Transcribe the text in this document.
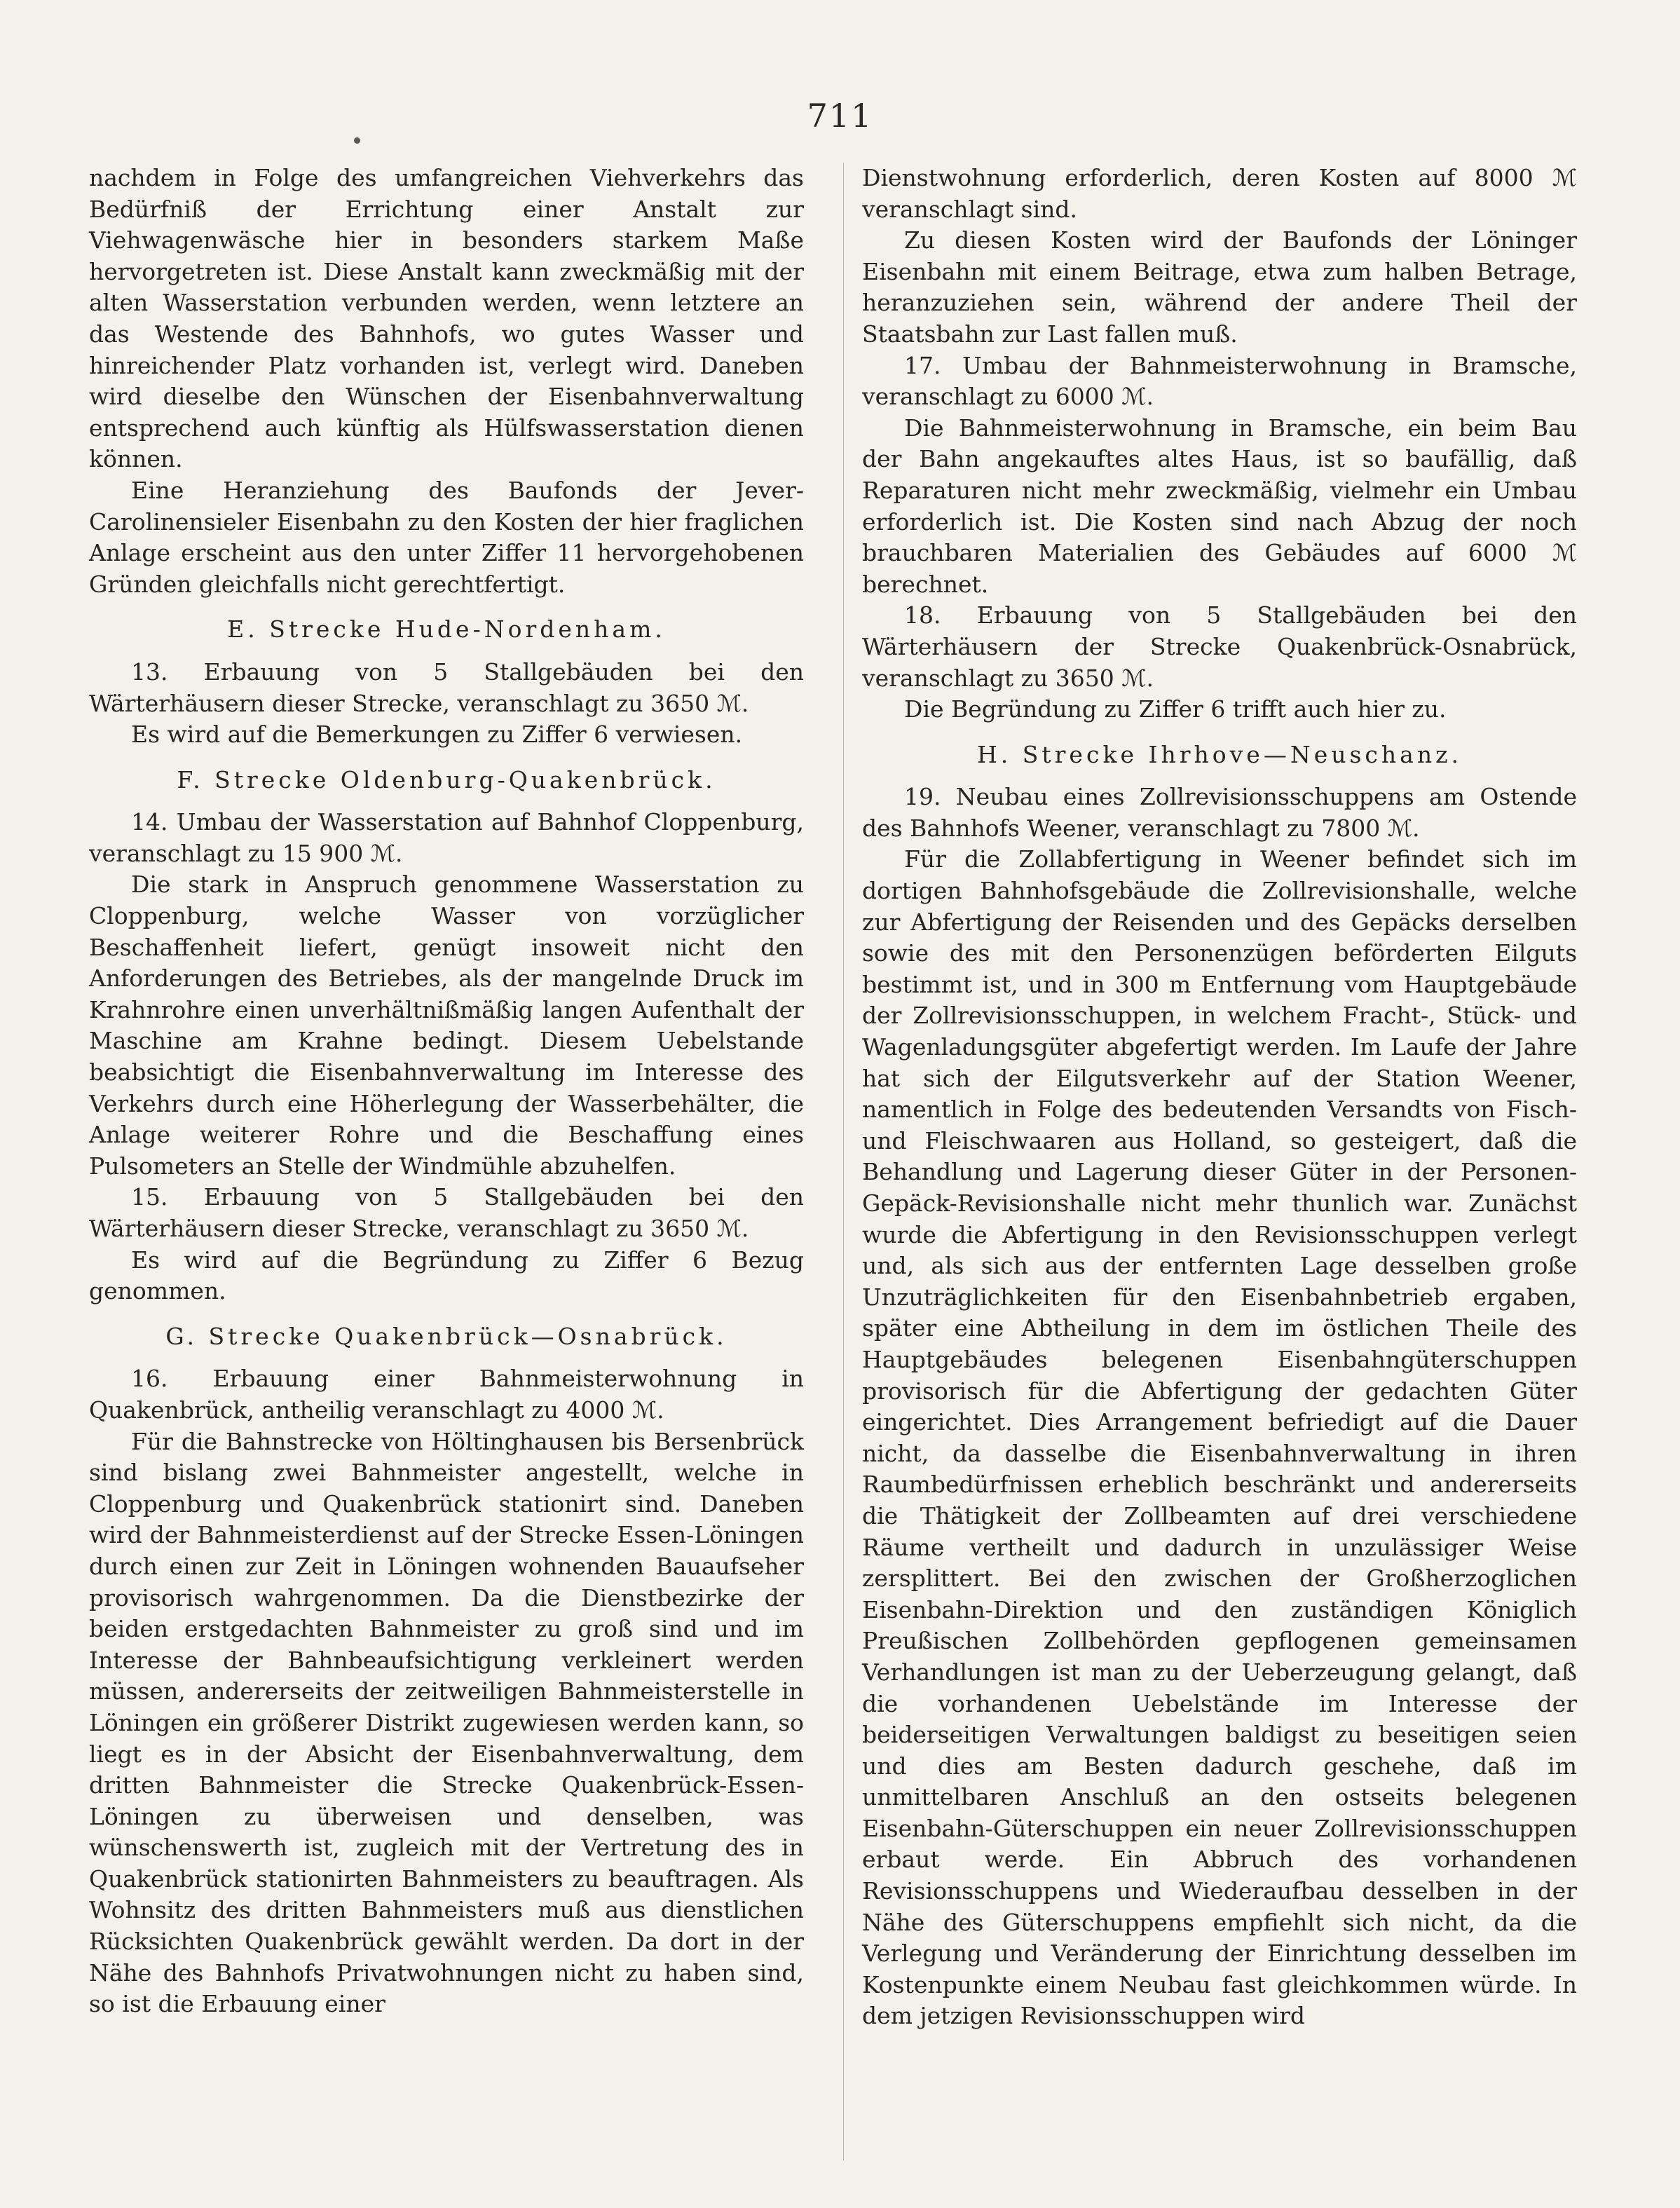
711

nachdem in Folge des umfangreichen Viehverkehrs das Bedürfniß der Errichtung einer Anstalt zur Viehwagenwäsche hier in besonders starkem Maße hervorgetreten ist. Diese Anstalt kann zweckmäßig mit der alten Wasserstation verbunden werden, wenn letztere an das Westende des Bahnhofs, wo gutes Wasser und hinreichender Platz vorhanden ist, verlegt wird. Daneben wird dieselbe den Wünschen der Eisenbahnverwaltung entsprechend auch künftig als Hülfswasserstation dienen können.

Eine Heranziehung des Baufonds der Jever-Carolinensieler Eisenbahn zu den Kosten der hier fraglichen Anlage erscheint aus den unter Ziffer 11 hervorgehobenen Gründen gleichfalls nicht gerechtfertigt.

E. Strecke Hude-Nordenham.

13. Erbauung von 5 Stallgebäuden bei den Wärterhäusern dieser Strecke, veranschlagt zu 3650 ℳ.

Es wird auf die Bemerkungen zu Ziffer 6 verwiesen.

F. Strecke Oldenburg-Quakenbrück.

14. Umbau der Wasserstation auf Bahnhof Cloppenburg, veranschlagt zu 15 900 ℳ.

Die stark in Anspruch genommene Wasserstation zu Cloppenburg, welche Wasser von vorzüglicher Beschaffenheit liefert, genügt insoweit nicht den Anforderungen des Betriebes, als der mangelnde Druck im Krahnrohre einen unverhältnißmäßig langen Aufenthalt der Maschine am Krahne bedingt. Diesem Uebelstande beabsichtigt die Eisenbahnverwaltung im Interesse des Verkehrs durch eine Höherlegung der Wasserbehälter, die Anlage weiterer Rohre und die Beschaffung eines Pulsometers an Stelle der Windmühle abzuhelfen.

15. Erbauung von 5 Stallgebäuden bei den Wärterhäusern dieser Strecke, veranschlagt zu 3650 ℳ.

Es wird auf die Begründung zu Ziffer 6 Bezug genommen.

G. Strecke Quakenbrück—Osnabrück.

16. Erbauung einer Bahnmeisterwohnung in Quakenbrück, antheilig veranschlagt zu 4000 ℳ.

Für die Bahnstrecke von Höltinghausen bis Bersenbrück sind bislang zwei Bahnmeister angestellt, welche in Cloppenburg und Quakenbrück stationirt sind. Daneben wird der Bahnmeisterdienst auf der Strecke Essen-Löningen durch einen zur Zeit in Löningen wohnenden Bauaufseher provisorisch wahrgenommen. Da die Dienstbezirke der beiden erstgedachten Bahnmeister zu groß sind und im Interesse der Bahnbeaufsichtigung verkleinert werden müssen, andererseits der zeitweiligen Bahnmeisterstelle in Löningen ein größerer Distrikt zugewiesen werden kann, so liegt es in der Absicht der Eisenbahnverwaltung, dem dritten Bahnmeister die Strecke Quakenbrück-Essen-Löningen zu überweisen und denselben, was wünschenswerth ist, zugleich mit der Vertretung des in Quakenbrück stationirten Bahnmeisters zu beauftragen. Als Wohnsitz des dritten Bahnmeisters muß aus dienstlichen Rücksichten Quakenbrück gewählt werden. Da dort in der Nähe des Bahnhofs Privatwohnungen nicht zu haben sind, so ist die Erbauung einer

Dienstwohnung erforderlich, deren Kosten auf 8000 ℳ veranschlagt sind.

Zu diesen Kosten wird der Baufonds der Löninger Eisenbahn mit einem Beitrage, etwa zum halben Betrage, heranzuziehen sein, während der andere Theil der Staatsbahn zur Last fallen muß.

17. Umbau der Bahnmeisterwohnung in Bramsche, veranschlagt zu 6000 ℳ.

Die Bahnmeisterwohnung in Bramsche, ein beim Bau der Bahn angekauftes altes Haus, ist so baufällig, daß Reparaturen nicht mehr zweckmäßig, vielmehr ein Umbau erforderlich ist. Die Kosten sind nach Abzug der noch brauchbaren Materialien des Gebäudes auf 6000 ℳ berechnet.

18. Erbauung von 5 Stallgebäuden bei den Wärterhäusern der Strecke Quakenbrück-Osnabrück, veranschlagt zu 3650 ℳ.

Die Begründung zu Ziffer 6 trifft auch hier zu.

H. Strecke Ihrhove—Neuschanz.

19. Neubau eines Zollrevisionsschuppens am Ostende des Bahnhofs Weener, veranschlagt zu 7800 ℳ.

Für die Zollabfertigung in Weener befindet sich im dortigen Bahnhofsgebäude die Zollrevisionshalle, welche zur Abfertigung der Reisenden und des Gepäcks derselben sowie des mit den Personenzügen beförderten Eilguts bestimmt ist, und in 300 m Entfernung vom Hauptgebäude der Zollrevisionsschuppen, in welchem Fracht-, Stück- und Wagenladungsgüter abgefertigt werden. Im Laufe der Jahre hat sich der Eilgutsverkehr auf der Station Weener, namentlich in Folge des bedeutenden Versandts von Fisch- und Fleischwaaren aus Holland, so gesteigert, daß die Behandlung und Lagerung dieser Güter in der Personen-Gepäck-Revisionshalle nicht mehr thunlich war. Zunächst wurde die Abfertigung in den Revisionsschuppen verlegt und, als sich aus der entfernten Lage desselben große Unzuträglichkeiten für den Eisenbahnbetrieb ergaben, später eine Abtheilung in dem im östlichen Theile des Hauptgebäudes belegenen Eisenbahngüterschuppen provisorisch für die Abfertigung der gedachten Güter eingerichtet. Dies Arrangement befriedigt auf die Dauer nicht, da dasselbe die Eisenbahnverwaltung in ihren Raumbedürfnissen erheblich beschränkt und andererseits die Thätigkeit der Zollbeamten auf drei verschiedene Räume vertheilt und dadurch in unzulässiger Weise zersplittert. Bei den zwischen der Großherzoglichen Eisenbahn-Direktion und den zuständigen Königlich Preußischen Zollbehörden gepflogenen gemeinsamen Verhandlungen ist man zu der Ueberzeugung gelangt, daß die vorhandenen Uebelstände im Interesse der beiderseitigen Verwaltungen baldigst zu beseitigen seien und dies am Besten dadurch geschehe, daß im unmittelbaren Anschluß an den ostseits belegenen Eisenbahn-Güterschuppen ein neuer Zollrevisionsschuppen erbaut werde. Ein Abbruch des vorhandenen Revisionsschuppens und Wiederaufbau desselben in der Nähe des Güterschuppens empfiehlt sich nicht, da die Verlegung und Veränderung der Einrichtung desselben im Kostenpunkte einem Neubau fast gleichkommen würde. In dem jetzigen Revisionsschuppen wird
